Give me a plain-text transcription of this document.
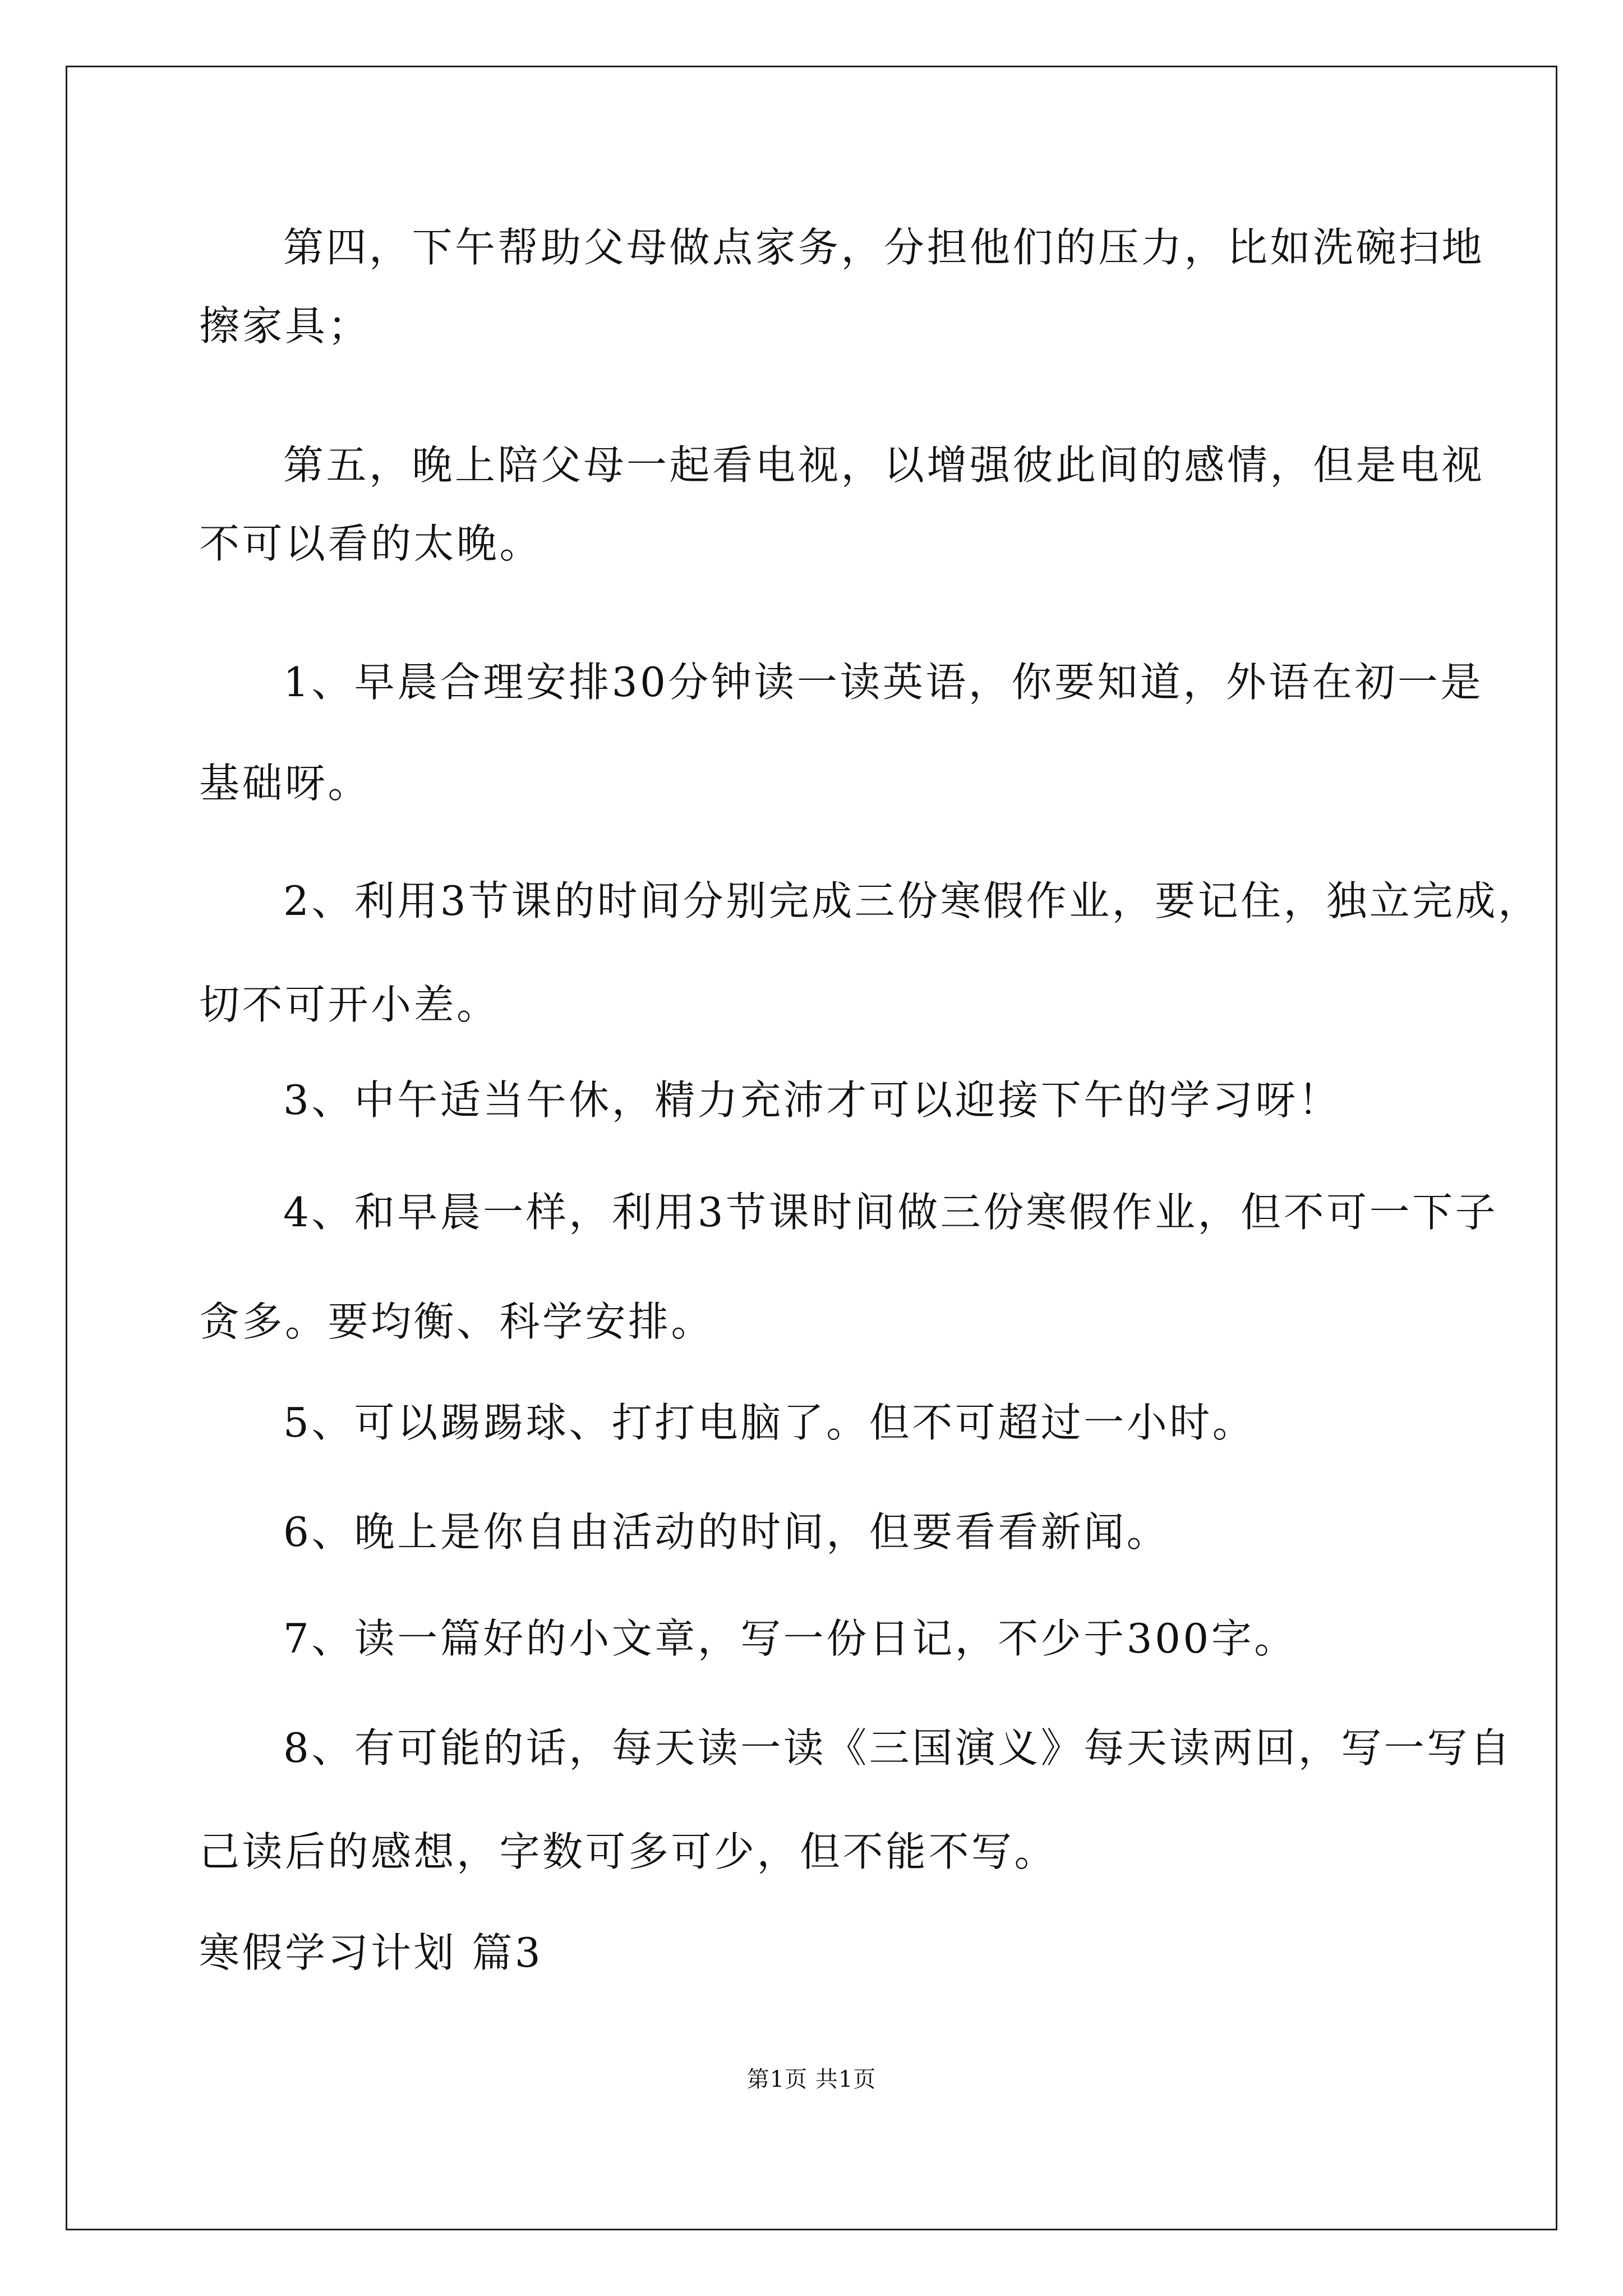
第四，下午帮助父母做点家务，分担他们的压力，比如洗碗扫地
擦家具；
第五，晚上陪父母一起看电视，以增强彼此间的感情，但是电视
不可以看的太晚。
1、早晨合理安排30分钟读一读英语，你要知道，外语在初一是
基础呀。
2、利用3节课的时间分别完成三份寒假作业，要记住，独立完成，
切不可开小差。
3、中午适当午休，精力充沛才可以迎接下午的学习呀！
4、和早晨一样，利用3节课时间做三份寒假作业，但不可一下子
贪多。要均衡、科学安排。
5、可以踢踢球、打打电脑了。但不可超过一小时。
6、晚上是你自由活动的时间，但要看看新闻。
7、读一篇好的小文章，写一份日记，不少于300字。
8、有可能的话，每天读一读《三国演义》每天读两回，写一写自
己读后的感想，字数可多可少，但不能不写。
寒假学习计划 篇3
第1页 共1页
